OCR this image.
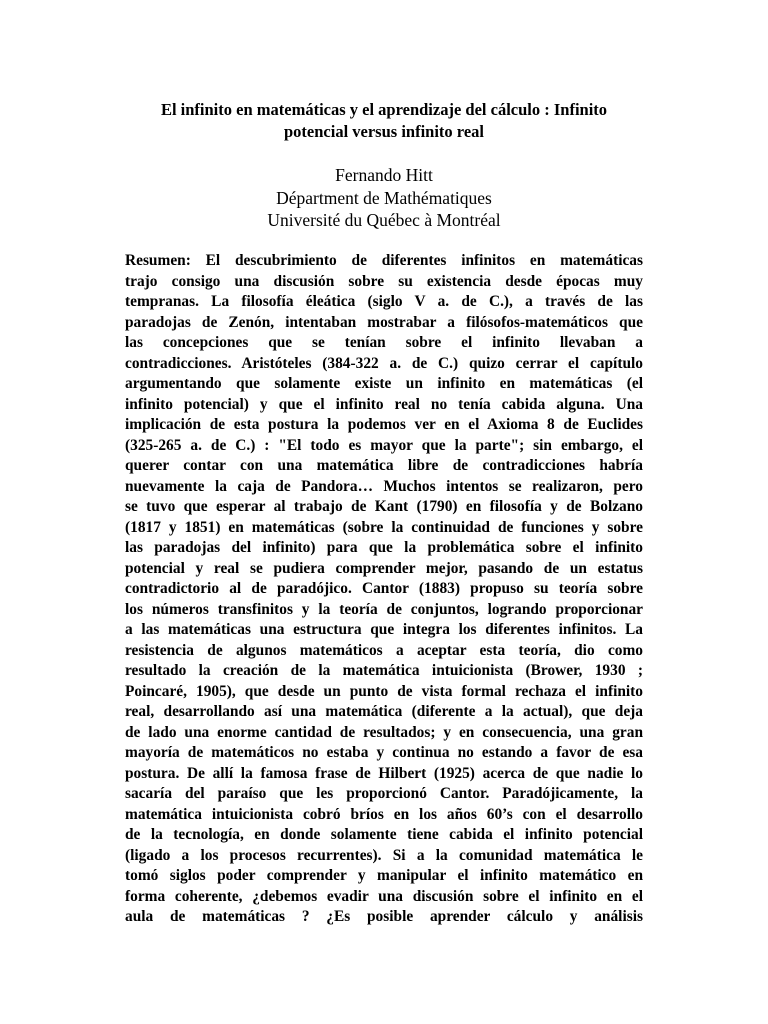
El infinito en matemáticas y el aprendizaje del cálculo : Infinito
potencial versus infinito real
Fernando Hitt
Départment de Mathématiques
Université du Québec à Montréal
Resumen: El descubrimiento de diferentes infinitos en matemáticas
trajo consigo una discusión sobre su existencia desde épocas muy
tempranas. La filosofía éleática (siglo V a. de C.), a través de las
paradojas de Zenón, intentaban mostrabar a filósofos-matemáticos que
las concepciones que se tenían sobre el infinito llevaban a
contradicciones. Aristóteles (384-322 a. de C.) quizo cerrar el capítulo
argumentando que solamente existe un infinito en matemáticas (el
infinito potencial) y que el infinito real no tenía cabida alguna. Una
implicación de esta postura la podemos ver en el Axioma 8 de Euclides
(325-265 a. de C.) : "El todo es mayor que la parte"; sin embargo, el
querer contar con una matemática libre de contradicciones habría
nuevamente la caja de Pandora… Muchos intentos se realizaron, pero
se tuvo que esperar al trabajo de Kant (1790) en filosofía y de Bolzano
(1817 y 1851) en matemáticas (sobre la continuidad de funciones y sobre
las paradojas del infinito) para que la problemática sobre el infinito
potencial y real se pudiera comprender mejor, pasando de un estatus
contradictorio al de paradójico. Cantor (1883) propuso su teoría sobre
los números transfinitos y la teoría de conjuntos, logrando proporcionar
a las matemáticas una estructura que integra los diferentes infinitos. La
resistencia de algunos matemáticos a aceptar esta teoría, dio como
resultado la creación de la matemática intuicionista (Brower, 1930 ;
Poincaré, 1905), que desde un punto de vista formal rechaza el infinito
real, desarrollando así una matemática (diferente a la actual), que deja
de lado una enorme cantidad de resultados; y en consecuencia, una gran
mayoría de matemáticos no estaba y continua no estando a favor de esa
postura. De allí la famosa frase de Hilbert (1925) acerca de que nadie lo
sacaría del paraíso que les proporcionó Cantor. Paradójicamente, la
matemática intuicionista cobró bríos en los años 60’s con el desarrollo
de la tecnología, en donde solamente tiene cabida el infinito potencial
(ligado a los procesos recurrentes). Si a la comunidad matemática le
tomó siglos poder comprender y manipular el infinito matemático en
forma coherente, ¿debemos evadir una discusión sobre el infinito en el
aula de matemáticas ? ¿Es posible aprender cálculo y análisis
